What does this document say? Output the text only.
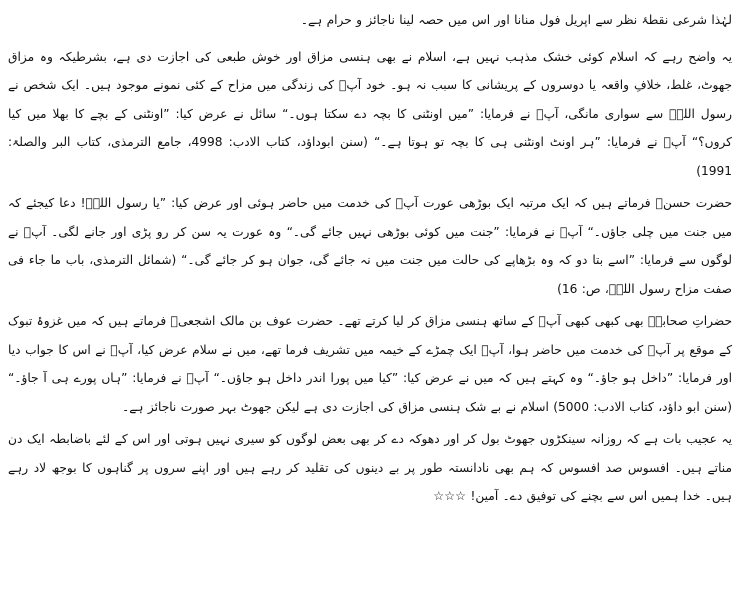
لہٰذا شرعی نقطۂ نظر سے اپریل فول منانا اور اس میں حصہ لینا ناجائز و حرام ہے۔

یہ واضح رہے کہ اسلام کوئی خشک مذہب نہیں ہے، اسلام نے بھی ہنسی مزاق اور خوش طبعی کی اجازت دی ہے، بشرطیکہ وہ مزاق جھوٹ، غلط، خلافِ واقعہ یا دوسروں کے پریشانی کا سبب نہ ہو۔ خود آپؐ کی زندگی میں مزاح کے کئی نمونے موجود ہیں۔ ایک شخص نے رسول اللہؐ سے سواری مانگی، آپؐ نے فرمایا: ”میں اونٹنی کا بچہ دے سکتا ہوں۔“ سائل نے عرض کیا: ”اونٹنی کے بچے کا بھلا میں کیا کروں؟“ آپؐ نے فرمایا: ”ہر اونٹ اونٹنی ہی کا بچہ تو ہوتا ہے۔“ (سنن ابوداؤد، کتاب الادب: 4998، جامع الترمذی، کتاب البر والصلۃ: 1991)

حضرت حسنؓ فرماتے ہیں کہ ایک مرتبہ ایک بوڑھی عورت آپؐ کی خدمت میں حاضر ہوئی اور عرض کیا: ”یا رسول اللہؐ! دعا کیجئے کہ میں جنت میں چلی جاؤں۔“ آپؐ نے فرمایا: ”جنت میں کوئی بوڑھی نہیں جائے گی۔“ وہ عورت یہ سن کر رو پڑی اور جانے لگی۔ آپؐ نے لوگوں سے فرمایا: ”اسے بتا دو کہ وہ بڑھاپے کی حالت میں جنت میں نہ جائے گی، جوان ہو کر جائے گی۔“ (شمائل الترمذی، باب ما جاء فی صفت مزاح رسول اللہؐ، ص: 16)

حضراتِ صحابہؓ بھی کبھی کبھی آپؐ کے ساتھ ہنسی مزاق کر لیا کرتے تھے۔ حضرت عوف بن مالک اشجعیؓ فرماتے ہیں کہ میں غزوۂ تبوک کے موقع پر آپؐ کی خدمت میں حاضر ہوا، آپؐ ایک چمڑے کے خیمہ میں تشریف فرما تھے، میں نے سلام عرض کیا، آپؐ نے اس کا جواب دیا اور فرمایا: ”داخل ہو جاؤ۔“ وہ کہتے ہیں کہ میں نے عرض کیا: ”کیا میں پورا اندر داخل ہو جاؤں۔“ آپؐ نے فرمایا: ”ہاں پورے ہی آ جاؤ۔“ (سنن ابو داؤد، کتاب الادب: 5000) اسلام نے بے شک ہنسی مزاق کی اجازت دی ہے لیکن جھوٹ بہر صورت ناجائز ہے۔

یہ عجیب بات ہے کہ روزانہ سینکڑوں جھوٹ بول کر اور دھوکہ دے کر بھی بعض لوگوں کو سیری نہیں ہوتی اور اس کے لئے باضابطہ ایک دن مناتے ہیں۔ افسوس صد افسوس کہ ہم بھی نادانستہ طور پر بے دینوں کی تقلید کر رہے ہیں اور اپنے سروں پر گناہوں کا بوجھ لاد رہے ہیں۔ خدا ہمیں اس سے بچنے کی توفیق دے۔ آمین! ☆☆☆
